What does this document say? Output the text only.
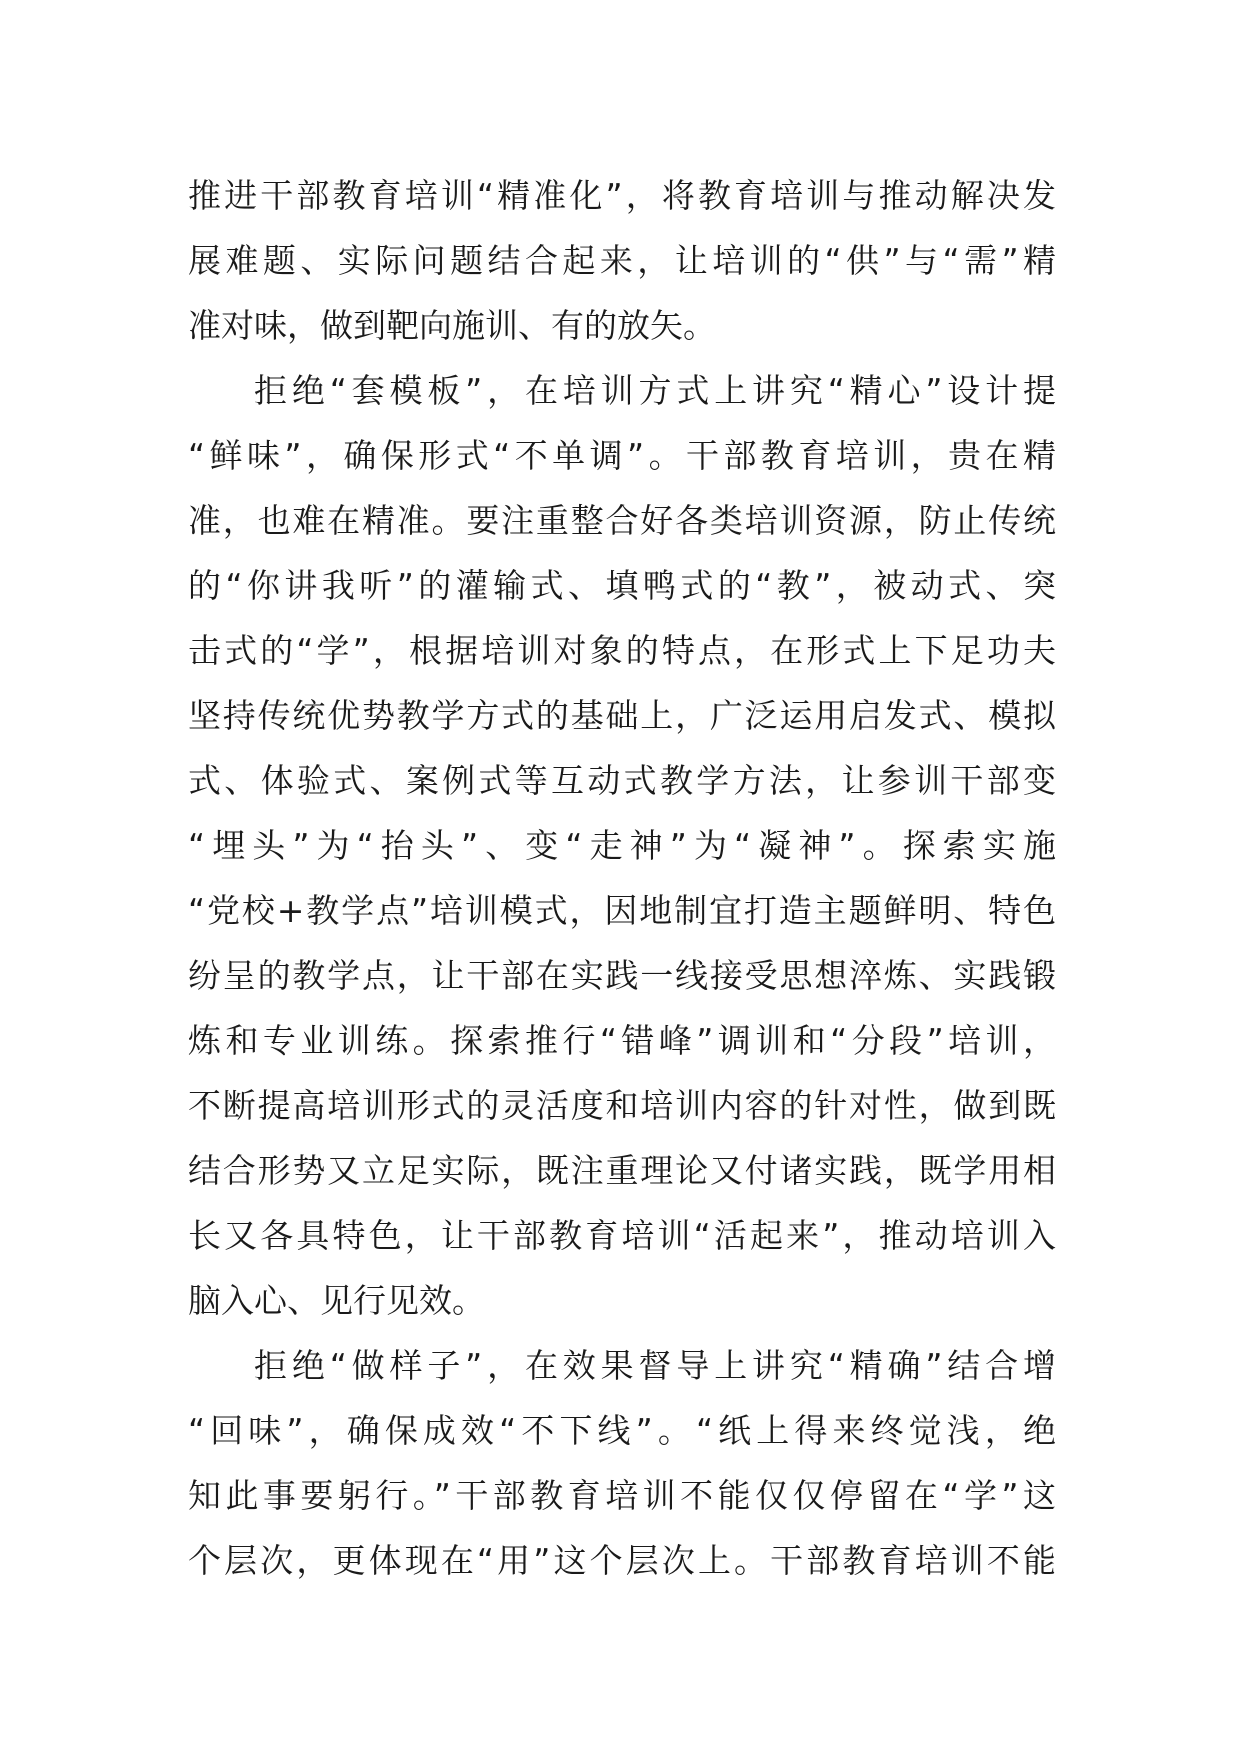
推进干部教育培训“精准化”，将教育培训与推动解决发
展难题、实际问题结合起来，让培训的“供”与“需”精
准对味，做到靶向施训、有的放矢。
拒绝“套模板”，在培训方式上讲究“精心”设计提
“鲜味”，确保形式“不单调”。干部教育培训，贵在精
准，也难在精准。要注重整合好各类培训资源，防止传统
的“你讲我听”的灌输式、填鸭式的“教”，被动式、突
击式的“学”，根据培训对象的特点，在形式上下足功夫
坚持传统优势教学方式的基础上，广泛运用启发式、模拟
式、体验式、案例式等互动式教学方法，让参训干部变
“埋头”为“抬头”、变“走神”为“凝神”。探索实施
“党校+教学点”培训模式，因地制宜打造主题鲜明、特色
纷呈的教学点，让干部在实践一线接受思想淬炼、实践锻
炼和专业训练。探索推行“错峰”调训和“分段”培训，
不断提高培训形式的灵活度和培训内容的针对性，做到既
结合形势又立足实际，既注重理论又付诸实践，既学用相
长又各具特色，让干部教育培训“活起来”，推动培训入
脑入心、见行见效。
拒绝“做样子”，在效果督导上讲究“精确”结合增
“回味”，确保成效“不下线”。“纸上得来终觉浅，绝
知此事要躬行。”干部教育培训不能仅仅停留在“学”这
个层次，更体现在“用”这个层次上。干部教育培训不能
